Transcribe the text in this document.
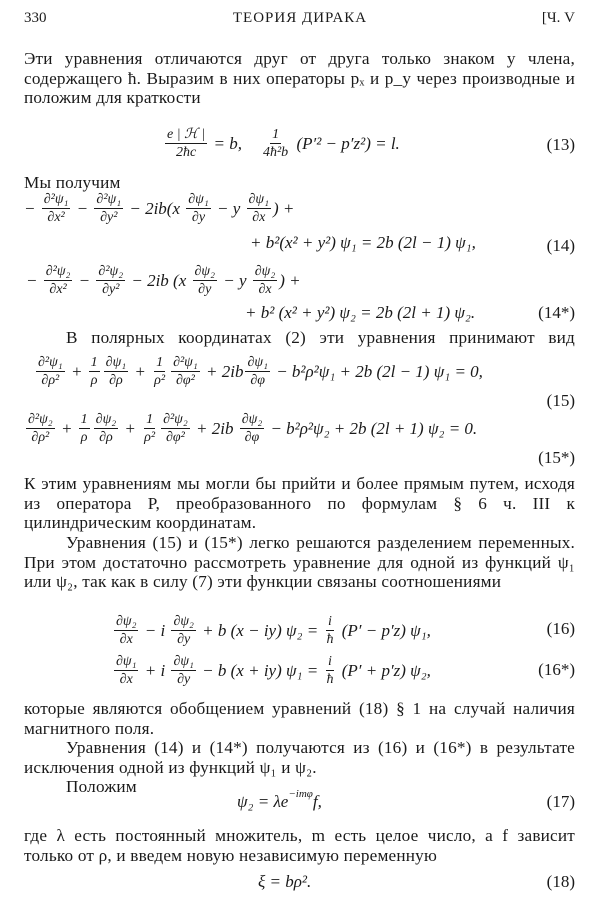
330	ТЕОРИЯ ДИРАКА	[Ч. V

Эти уравнения отличаются друг от друга только знаком у члена, содержащего ħ. Выразим в них операторы pₓ и p_y через производные и положим для краткости

$\frac{\text{e | ℋ |}}{2ħc} = b$, $\frac{1}{\text{4ħ²b}} (P'^2 - p'z^2) = l$.

Мы получим

− $\frac{\text{∂²ψ₁}}{\text{∂x²}} - \frac{\text{∂²ψ₁}}{\text{∂y²}} - 2ib(x \frac{\text{∂ψ₁}}{\partial y} - y \frac{\text{∂ψ₁}}{\partial x}$ ) +
+ b²(x² + y²) ψ₁ = 2b (2l − 1) ψ₁,
− $\frac{\text{∂²ψ₂}}{\text{∂x²}} - \frac{\text{∂²ψ₂}}{\text{∂y²}} - 2ib$ ($x \frac{\text{∂ψ₂}}{\partial y} - y \frac{\text{∂ψ₂}}{\partial x}$ ) +
+ b² (x² + y²) ψ₂ = 2b (2l + 1) ψ₂.

В полярных координатах (2) эти уравнения принимают вид

$\frac{\text{∂²ψ₁}}{\text{∂ρ²}} + \frac{1}{\rho} \frac{\text{∂ψ₁}}{\partial\rho} + \frac{1}{\text{ρ²}} \frac{\text{∂²ψ₁}}{\text{∂φ²}} + 2ib \frac{\text{∂ψ₁}}{\partial\varphi} - b^2\rho^2\psi_1 + 2b$ (2l − 1) ψ₁ = 0,
$\frac{\text{∂²ψ₂}}{\text{∂ρ²}} + \frac{1}{\rho} \frac{\text{∂ψ₂}}{\partial\rho} + \frac{1}{\text{ρ²}} \frac{\text{∂²ψ₂}}{\text{∂φ²}} + 2ib \frac{\text{∂ψ₂}}{\partial\varphi} - b^2\rho^2\psi_2 + 2b$ (2l + 1) ψ₂ = 0.

К этим уравнениям мы могли бы прийти и более прямым путем, исходя из оператора P, преобразованного по формулам § 6 ч. III к цилиндрическим координатам.

Уравнения (15) и (15*) легко решаются разделением переменных. При этом достаточно рассмотреть уравнение для одной из функций ψ₁ или ψ₂, так как в силу (7) эти функции связаны соотношениями

$\frac{\text{∂ψ₂}}{\partial x} - i \frac{\text{∂ψ₂}}{\partial y} + b$ (x − iy) $\psi_2 = \frac{i}{ħ} (P' - p'z)$ ψ₁,
$\frac{\text{∂ψ₁}}{\partial x} + i \frac{\text{∂ψ₁}}{\partial y} - b$ (x + iy) $\psi_1 = \frac{i}{ħ} (P' + p'z)$ ψ₂,

которые являются обобщением уравнений (18) § 1 на случай наличия магнитного поля.

Уравнения (14) и (14*) получаются из (16) и (16*) в результате исключения одной из функций ψ₁ и ψ₂.

Положим

ψ₂ = λe −imφ f,

где λ есть постоянный множитель, m есть целое число, а f зависит только от ρ, и введем новую независимую переменную

ξ = bρ².
(13)
(14)
(14*)
(15)
(15*)
(16)
(16*)
(17)
(18)
